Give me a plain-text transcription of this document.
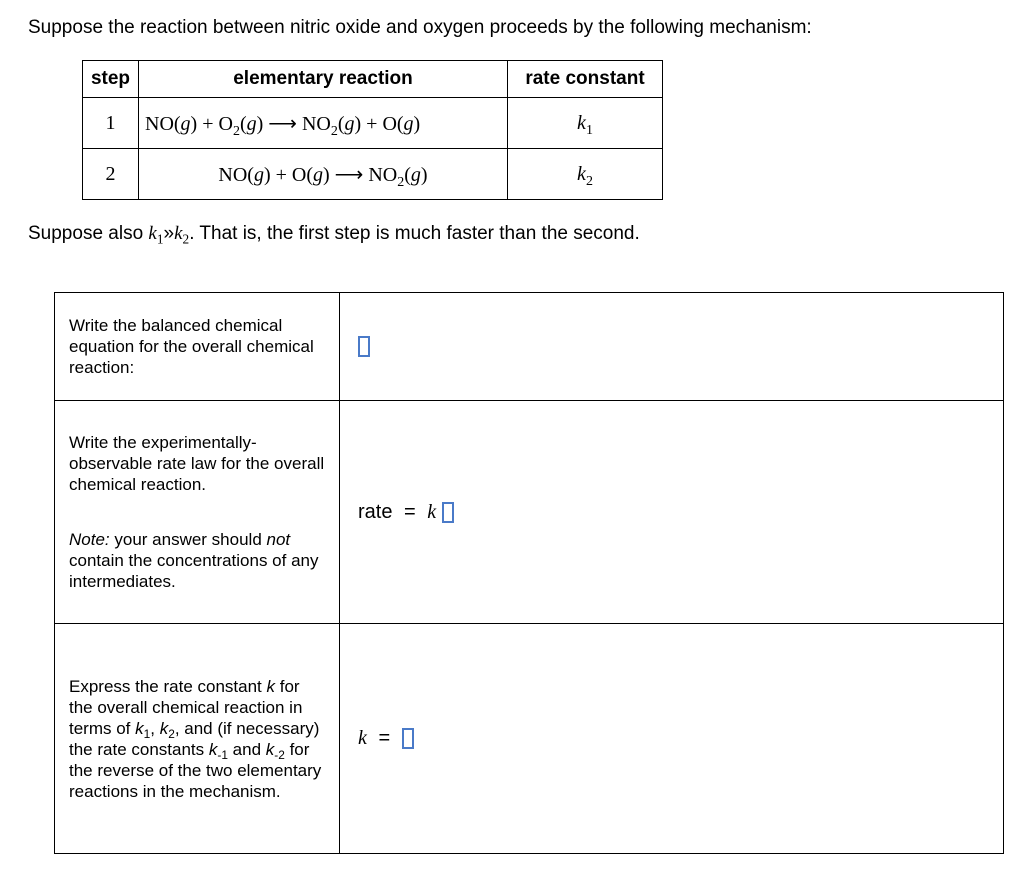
Suppose the reaction between nitric oxide and oxygen proceeds by the following mechanism:

step	elementary reaction	rate constant
1	$NO(g) + O_2(g)$ ⟶ $NO_2(g) + O(g)$	$k_1$
2	NO(g) + O(g) ⟶ $NO_2(g)$	$k_2$

Suppose also $k_1»k_2$. That is, the first step is much faster than the second.

Write the balanced chemical equation for the overall chemical reaction:	

Write the experimentally-observable rate law for the overall chemical reaction.
Note: your answer should not contain the concentrations of any intermediates.	rate = k
Express the rate constant k for the overall chemical reaction in terms of $k_1$, $k_2$, and (if necessary) the rate constants $k_{-1}$ and $k_{-2}$ for the reverse of the two elementary reactions in the mechanism.	k =
